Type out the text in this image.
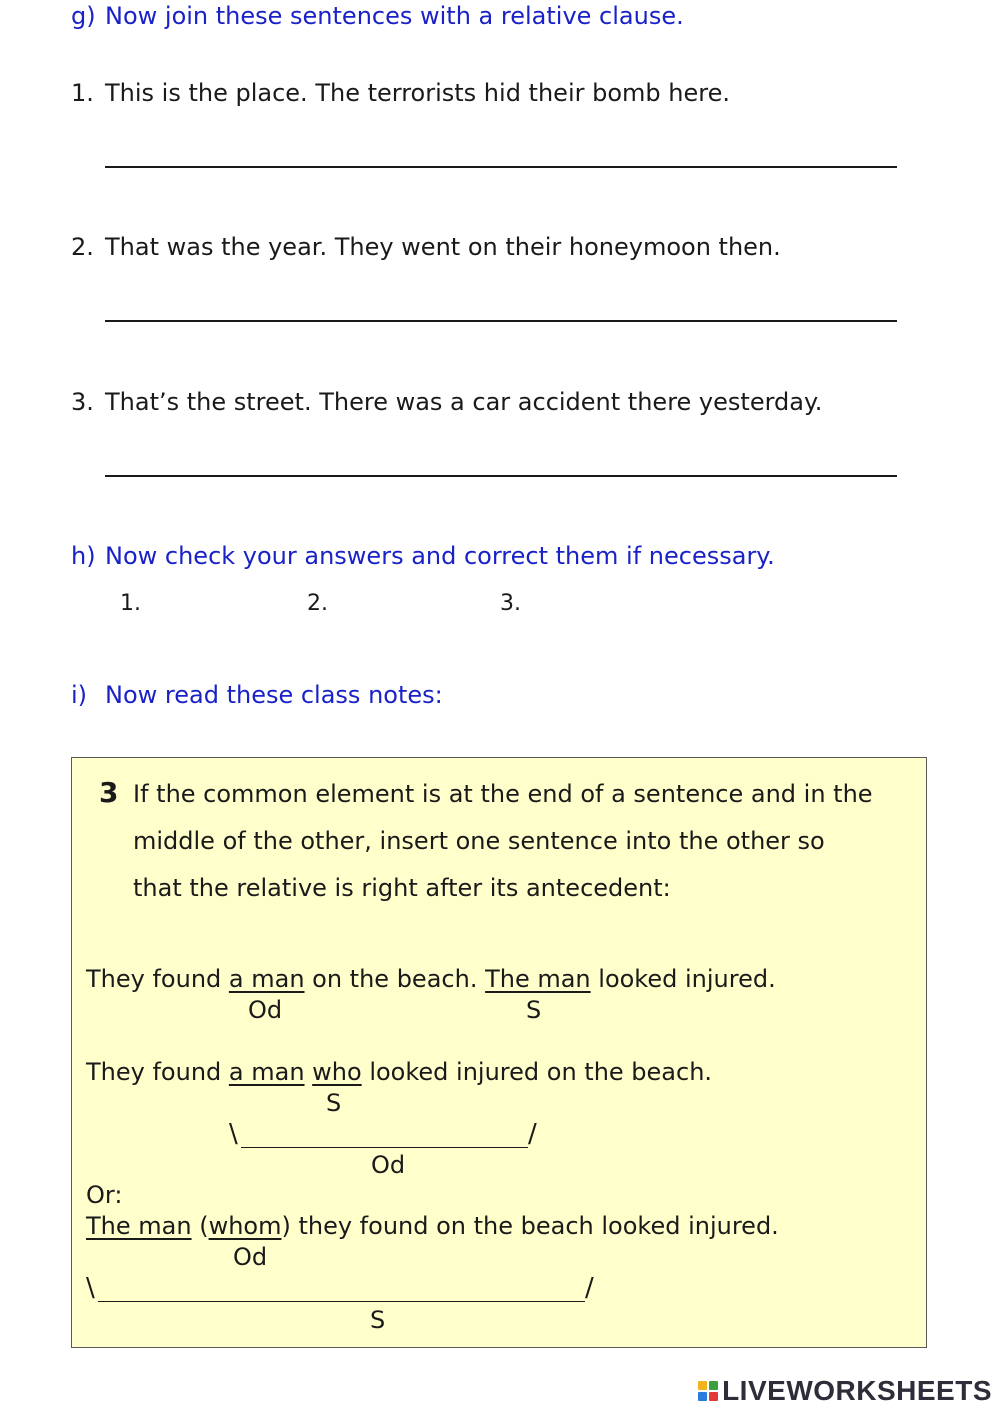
g) Now join these sentences with a relative clause.
1. This is the place. The terrorists hid their bomb here.
2. That was the year. They went on their honeymoon then.
3. That’s the street. There was a car accident there yesterday.
h) Now check your answers and correct them if necessary.
1.	2.	3.
i) Now read these class notes:
3 If the common element is at the end of a sentence and in the
middle of the other, insert one sentence into the other so
that the relative is right after its antecedent:
They found a man on the beach. The man looked injured.
Od	S
They found a man who looked injured on the beach.
S
\	/
Od
Or:
The man (whom) they found on the beach looked injured.
Od
\	/
S
LIVEWORKSHEETS
